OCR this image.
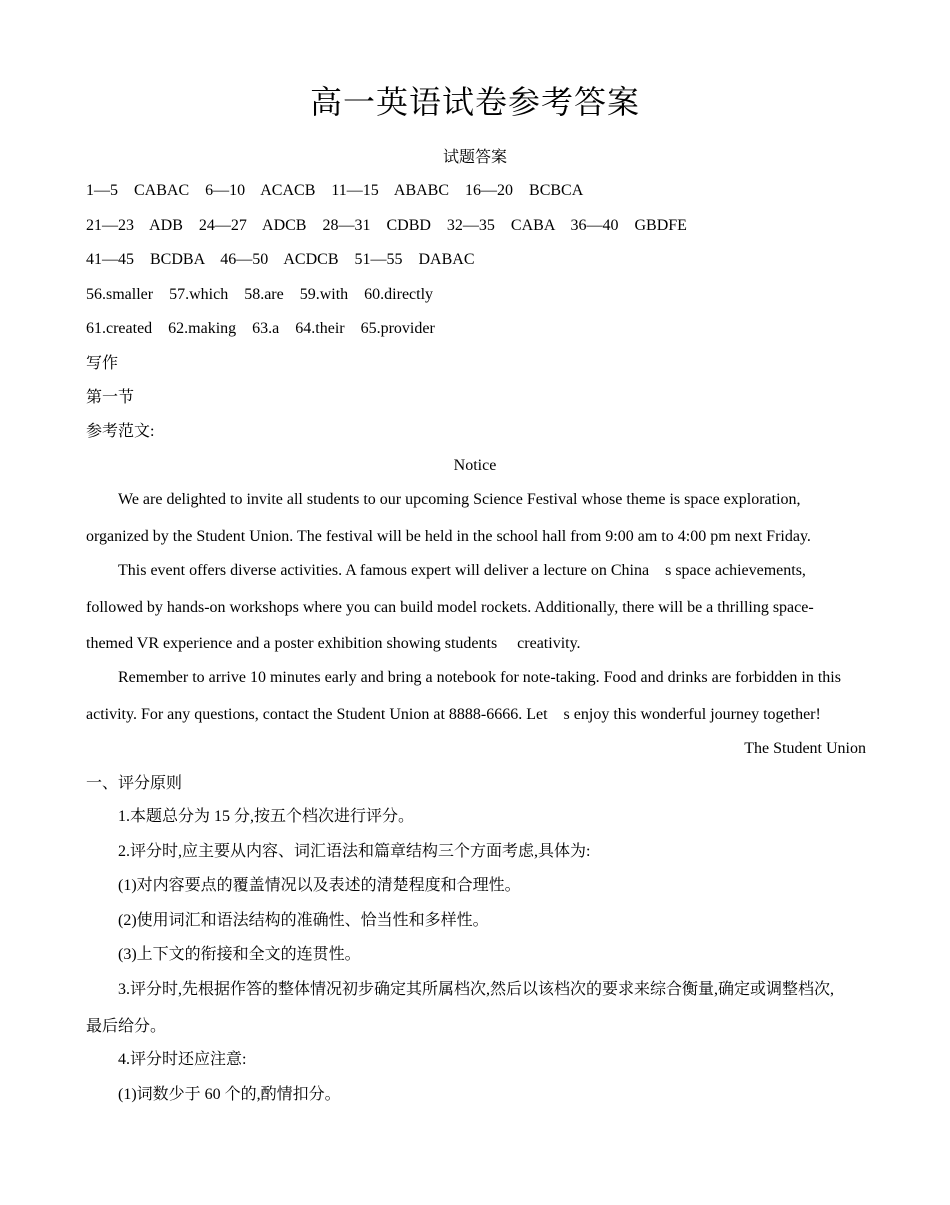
高一英语试卷参考答案
试题答案
1—5    CABAC    6—10    ACACB    11—15    ABABC    16—20    BCBCA
21—23    ADB    24—27    ADCB    28—31    CDBD    32—35    CABA    36—40    GBDFE
41—45    BCDBA    46—50    ACDCB    51—55    DABAC
56.smaller    57.which    58.are    59.with    60.directly
61.created    62.making    63.a    64.their    65.provider
写作
第一节
参考范文:
Notice
We are delighted to invite all students to our upcoming Science Festival whose theme is space exploration,
organized by the Student Union. The festival will be held in the school hall from 9:00 am to 4:00 pm next Friday.
This event offers diverse activities. A famous expert will deliver a lecture on China    s space achievements,
followed by hands-on workshops where you can build model rockets. Additionally, there will be a thrilling space-
themed VR experience and a poster exhibition showing students     creativity.
Remember to arrive 10 minutes early and bring a notebook for note-taking. Food and drinks are forbidden in this
activity. For any questions, contact the Student Union at 8888-6666. Let    s enjoy this wonderful journey together!
The Student Union
一、评分原则
1.本题总分为 15 分,按五个档次进行评分。
2.评分时,应主要从内容、词汇语法和篇章结构三个方面考虑,具体为:
(1)对内容要点的覆盖情况以及表述的清楚程度和合理性。
(2)使用词汇和语法结构的准确性、恰当性和多样性。
(3)上下文的衔接和全文的连贯性。
3.评分时,先根据作答的整体情况初步确定其所属档次,然后以该档次的要求来综合衡量,确定或调整档次,
最后给分。
4.评分时还应注意:
(1)词数少于 60 个的,酌情扣分。
